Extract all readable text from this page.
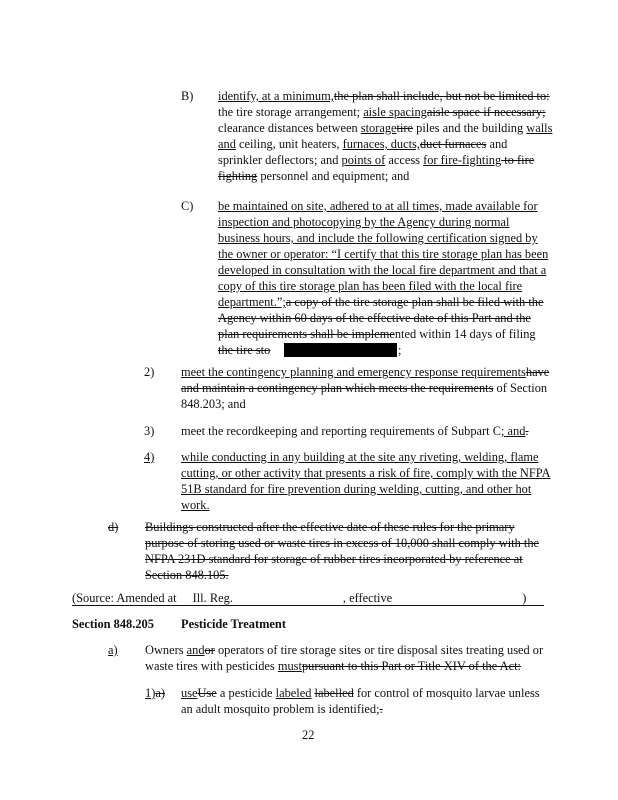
B) identify, at a minimum,the plan shall include, but not be limited to:
the tire storage arrangement; aisle spacingaisle space if necessary;
clearance distances between storagetire piles and the building walls
and ceiling, unit heaters, furnaces, ducts,duct furnaces and
sprinkler deflectors; and points of access for fire-fighting to fire
fighting personnel and equipment; and
C) be maintained on site, adhered to at all times, made available for
inspection and photocopying by the Agency during normal
business hours, and include the following certification signed by
the owner or operator: “I certify that this tire storage plan has been
developed in consultation with the local fire department and that a
copy of this tire storage plan has been filed with the local fire
department.”;a copy of the tire storage plan shall be filed with the
Agency within 60 days of the effective date of this Part and the
plan requirements shall be implemented within 14 days of filing
the tire sto	;
2) meet the contingency planning and emergency response requirementshave
and maintain a contingency plan which meets the requirements of Section
848.203; and
3) meet the recordkeeping and reporting requirements of Subpart C; and.
4) while conducting in any building at the site any riveting, welding, flame
cutting, or other activity that presents a risk of fire, comply with the NFPA
51B standard for fire prevention during welding, cutting, and other hot
work.
d) Buildings constructed after the effective date of these rules for the primary
purpose of storing used or waste tires in excess of 10,000 shall comply with the
NFPA 231D standard for storage of rubber tires incorporated by reference at
Section 848.105.
(Source: Amended at Ill. Reg.	, effective	)
Section 848.205 Pesticide Treatment
a) Owners andor operators of tire storage sites or tire disposal sites treating used or
waste tires with pesticides mustpursuant to this Part or Title XIV of the Act:
1)a) useUse a pesticide labeled labelled for control of mosquito larvae unless
an adult mosquito problem is identified;.
22
